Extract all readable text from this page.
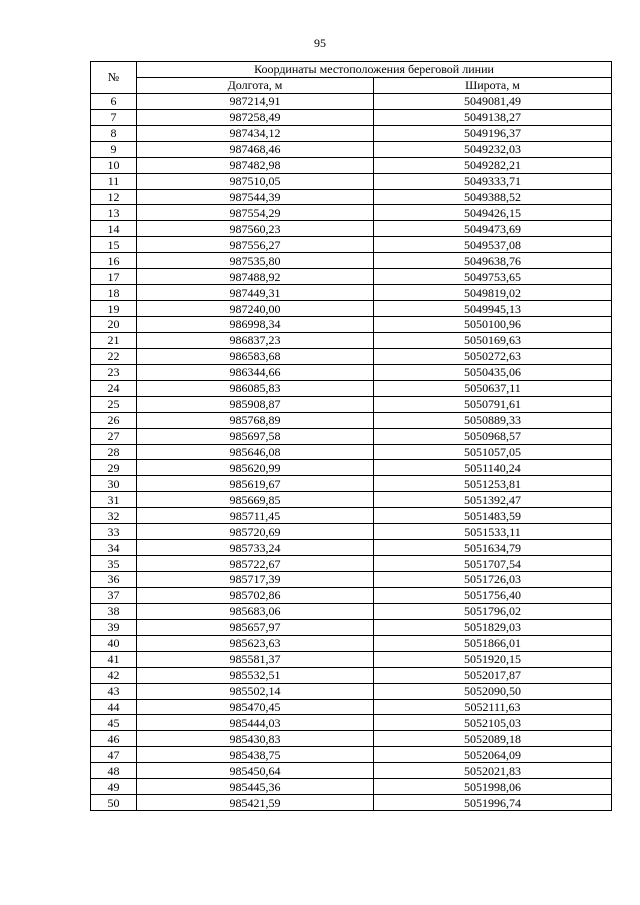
95
№	Координаты местоположения береговой линии	
	Долгота, м	Широта, м
6	987214,91	5049081,49
7	987258,49	5049138,27
8	987434,12	5049196,37
9	987468,46	5049232,03
10	987482,98	5049282,21
11	987510,05	5049333,71
12	987544,39	5049388,52
13	987554,29	5049426,15
14	987560,23	5049473,69
15	987556,27	5049537,08
16	987535,80	5049638,76
17	987488,92	5049753,65
18	987449,31	5049819,02
19	987240,00	5049945,13
20	986998,34	5050100,96
21	986837,23	5050169,63
22	986583,68	5050272,63
23	986344,66	5050435,06
24	986085,83	5050637,11
25	985908,87	5050791,61
26	985768,89	5050889,33
27	985697,58	5050968,57
28	985646,08	5051057,05
29	985620,99	5051140,24
30	985619,67	5051253,81
31	985669,85	5051392,47
32	985711,45	5051483,59
33	985720,69	5051533,11
34	985733,24	5051634,79
35	985722,67	5051707,54
36	985717,39	5051726,03
37	985702,86	5051756,40
38	985683,06	5051796,02
39	985657,97	5051829,03
40	985623,63	5051866,01
41	985581,37	5051920,15
42	985532,51	5052017,87
43	985502,14	5052090,50
44	985470,45	5052111,63
45	985444,03	5052105,03
46	985430,83	5052089,18
47	985438,75	5052064,09
48	985450,64	5052021,83
49	985445,36	5051998,06
50	985421,59	5051996,74
